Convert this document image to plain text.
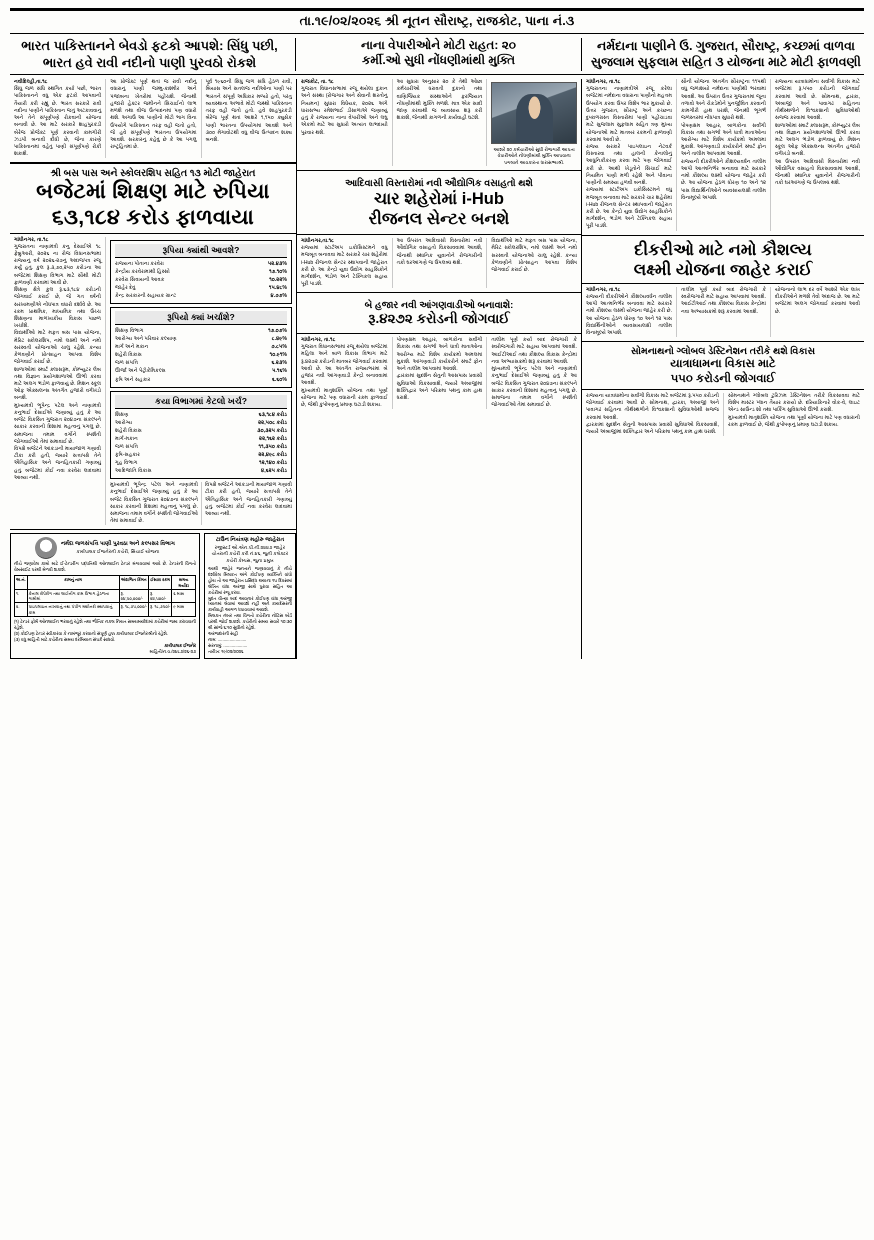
તા.૧૯/૦૨/૨૦૨૬ શ્રી નૂતન સૌરાષ્ટ્ર, રાજકોટ, પાના નં.૩
ભારત પાકિસ્તાનને બેવડો ફટકો આપશે: સિંધુ પછી,
ભારત હવે રાવી નદીનો પાણી પુરવઠો રોકશે
નાના વેપારીઓને મોટી રાહત: ૨૦
કર્મી.ઓ સુધી નોંધણીમાંથી મુક્તિ
નર્મદાના પાણીને ઉ. ગુજરાત, સૌરાષ્ટ્ર, કચ્છમાં વાળવા
સુજલામ સુફલામ સહિત ૩ યોજના માટે મોટી ફાળવણી
નવીદિલ્હી,તા.૧૮
સિંધુ જળ સંધિ સ્થગિત કર્યા પછી, ભારત પાકિસ્તાનને વધુ એક ફટકો આપવાની તૈયારી કરી રહ્યું છે. ભારત સરકારે રાવી નદીના પાણીને પાકિસ્તાન જતું અટકાવવાનું અને તેને સંપૂર્ણપણે રોકવાની યોજના બનાવી છે. આ માટે સરકારે શાહપુરકંડી બેરેજ પ્રોજેક્ટ પૂર્ણ કરવાની કામગીરી ઝડપી બનાવી દીધી છે, જેના કારણે પાકિસ્તાનમાં વહેતું પાણી સંપૂર્ણપણે રોકી શકાશે.
આ પ્રોજેક્ટ પૂર્ણ થતાં જ રાવી નદીનું વધારાનું પાણી જમ્મુ-કાશ્મીર અને પંજાબના ખેતરોમાં પહોંચશે. જેનાથી હજારો હેક્ટર જમીનને સિંચાઈનો લાભ મળશે તથા વીજ ઉત્પાદનમાં પણ વધારો થશે. અગાઉ આ પાણીનો મોટો ભાગ વિના ઉપયોગે પાકિસ્તાન તરફ વહી જતો હતો, જે હવે સંપૂર્ણપણે ભારતના ઉપયોગમાં આવશે. સરકારનું કહેવું છે કે આ પગલું રાષ્ટ્રહિતમાં છે.
પૂર્વ ૧૯૬૦ની સિંધુ જળ સંધિ હેઠળ રાવી, બિયાસ અને સતલજ નદીઓના પાણી પર ભારતને સંપૂર્ણ અધિકાર મળ્યો હતો, પરંતુ વ્યવસ્થાના અભાવે મોટો જથ્થો પાકિસ્તાન તરફ વહી જતો હતો. હવે શાહપુરકંડી બેરેજ પૂર્ણ થતાં આશરે ૧,૧૫૦ ક્યુસેક પાણી ભારતના ઉપયોગમાં આવશે અને ૩૦૦ મેગાવોટથી વધુ વીજ ઉત્પાદન શક્ય બનશે.
શ્રી બસ પાસ અને સ્કોલરશિપ સહિત ૧૩ મોટી જાહેરાત
બજેટમાં શિક્ષણ માટે રુપિયા
૬૩,૧૮૪ કરોડ ફાળવાયા
ગાંધીનગર, તા.૧૮
ગુજરાતના નાણામંત્રી કનુ દેસાઈએ ૧૮ ફેબ્રુઆરી, ૨૦૨૬ ના રોજ વિધાનસભામાં રાજ્યનું વર્ષ ૨૦૨૬-૨૭નું અંદાજપત્ર રજૂ કર્યું હતું. કુલ રૂ.૩,૭૦,૨૫૦ કરોડના આ બજેટમાં શિક્ષણ વિભાગ માટે સૌથી મોટી ફાળવણી કરવામાં આવી છે.
શિક્ષણ ક્ષેત્રે કુલ રૂ.૬૩,૧૮૪ કરોડની જોગવાઈ કરાઈ છે, જે ગત વર્ષની સરખામણીએ નોંધપાત્ર વધારો દર્શાવે છે. આ રકમ પ્રાથમિક, માધ્યમિક તથા ઉચ્ચ શિક્ષણના માળખાકીય વિકાસ પાછળ ખર્ચાશે.
વિદ્યાર્થીઓ માટે મફત બસ પાસ યોજના, મેરિટ સ્કોલરશિપ, નમો લક્ષ્મી અને નમો સરસ્વતી યોજનાઓ ચાલુ રહેશે. કન્યા કેળવણીને પ્રોત્સાહન આપવા વિશેષ જોગવાઈ કરાઈ છે.
શાળાઓમાં સ્માર્ટ ક્લાસરૂમ, કોમ્પ્યુટર લેબ તથા વિજ્ઞાન પ્રયોગશાળાઓ ઊભી કરવા માટે અલગ ભંડોળ ફાળવાયું છે. મિશન સ્કૂલ ઓફ એક્સલન્સ અંતર્ગત હજારો વર્ગખંડો બનશે.
મુખ્યમંત્રી ભૂપેન્દ્ર પટેલ અને નાણામંત્રી કનુભાઈ દેસાઈએ જણાવ્યું હતું કે આ બજેટ વિકસિત ગુજરાત ૨૦૪૭ના સંકલ્પને સાકાર કરવાની દિશામાં મહત્વનું પગલું છે. સમાજના તમામ વર્ગોને સ્પર્શતી જોગવાઈઓ તેમાં સમાવાઈ છે.
વિપક્ષે બજેટને આંકડાની માયાજાળ ગણાવી ટીકા કરી હતી, જ્યારે સત્તાપક્ષે તેને ઐતિહાસિક અને જનહિતકારી ગણાવ્યું હતું. બજેટમાં કોઈ નવા કરવેરા લાદવામાં આવ્યા નથી.
રૂપિયા ક્યાંથી આવશે?
રાજ્યના પોતાના કરવેરા	૫૨.૪૩%
કેન્દ્રીય કરવેરામાંથી હિસ્સો	૧૭.૧૦%
કરવેરા સિવાયની આવક	૧૦.૨૨%
જાહેર દેવું	૧૫.૪૮%
કેન્દ્ર સરકારની સહાયક ગ્રાન્ટ	૪.૭૭%
રૂપિયો ક્યાં ખર્ચાશે?
શિક્ષણ વિભાગ	૧૭.૦૭%
આરોગ્ય અને પરિવાર કલ્યાણ	૮.૪૯%
માર્ગ અને મકાન	૭.૮૫%
શહેરી વિકાસ	૧૦.૯૧%
જળ સંપત્તિ	૬.૨૩%
ઊર્જા અને પેટ્રોકેમિકલ્સ	૫.૧૬%
કૃષિ અને સહકાર	૬.૬૦%
કયા વિભાગમાં કેટલો ખર્ચ?
શિક્ષણ	૬૩,૧૮૪ કરોડ
આરોગ્ય	૨૨,૫૦૮ કરોડ
શહેરી વિકાસ	૩૦,૩૨૫ કરોડ
માર્ગ-મકાન	૨૨,૧૬૨ કરોડ
જળ સંપત્તિ	૧૧,૩૫૦ કરોડ
કૃષિ-સહકાર	૨૨,૪૯૮ કરોડ
ગૃહ વિભાગ	૧૨,૧૪૦ કરોડ
આદિજાતિ વિકાસ	૪,૬૨૫ કરોડ
મુખ્યમંત્રી ભૂપેન્દ્ર પટેલ અને નાણામંત્રી કનુભાઈ દેસાઈએ જણાવ્યું હતું કે આ બજેટ વિકસિત ગુજરાત ૨૦૪૭ના સંકલ્પને સાકાર કરવાની દિશામાં મહત્વનું પગલું છે. સમાજના તમામ વર્ગોને સ્પર્શતી જોગવાઈઓ તેમાં સમાવાઈ છે.
વિપક્ષે બજેટને આંકડાની માયાજાળ ગણાવી ટીકા કરી હતી, જ્યારે સત્તાપક્ષે તેને ઐતિહાસિક અને જનહિતકારી ગણાવ્યું હતું. બજેટમાં કોઈ નવા કરવેરા લાદવામાં આવ્યા નથી.
નર્મદા જળસંપત્તિ પાણી પુરવઠા અને કલ્પસર વિભાગ
કાર્યપાલક ઈજનેરની કચેરી, સિંચાઈ યોજના
નીચે જણાવેલ કામો માટે ઈ-ટેન્ડરીંગ પદ્ધતિથી ઓનલાઈન ટેન્ડર મંગાવવામાં આવે છે. ટેન્ડરની વિગતો વેબસાઈટ પરથી મેળવી શકાશે.
અ.નં.	કામનું નામ	અંદાજિત કિંમત	ઈસારા રકમ	સમય મર્યાદા
૧.	કેનાલ રીપેરીંગ તથા લાઈનીંગ કામ વિભાગ હેઠળના ગામોમાં	રૂ. ૨૪,૫૦,૦૦૦/-	રૂ. ૨૪,૫૦૦/-	૬ માસ
૨.	પાઇપલાઇન નાખવાનું તથા પંપીંગ મશીનરી સ્થાપવાનું કામ	રૂ. ૧૮,૭૫,૦૦૦/-	રૂ. ૧૮,૭૫૦/-	૯ માસ
(૧) ટેન્ડર ફોર્મ ઓનલાઈન ભરવાનું રહેશે તથા ભૌતિક નકલ નિયત સમયમર્યાદામાં કચેરીમાં જમા કરાવવાની રહેશે.
(૨) કોઈપણ ટેન્ડર સ્વીકારવા કે નામંજૂર કરવાનો સંપૂર્ણ હક્ક કાર્યપાલક ઈજનેરશ્રીનો રહેશે.
(૩) વધુ માહિતી માટે કચેરીના સમય દરમિયાન સંપર્ક સાધવો.
કાર્યપાલક ઈજનેર
માહિતી/ન.વ./૨૪૮૭/૨૬-૨૭
ટાઉન નિયંત્રણ મહોરુ જાહેરાત
રજીસ્ટર્ડ ઓ.એન.પી.નીં.૨૪૪૭ જાહેર ચોતરાની કચેરી કરી નં.૪૬, જુની કલેક્ટર કચેરી કેમ્પસ, જુના પ્રમુખ
આથી જાહેર જનતાને જણાવવાનું કે નીચે દર્શાવેલ મિલકત અંગે કોઈપણ વ્યક્તિને વાંધો હોય તો આ જાહેરાત પ્રસિદ્ધ થયાના ૧૫ દિવસમાં લેખિત વાંધા અરજી સાથે પુરાવા સહિત આ કચેરીમાં રજૂ કરવા.
મુદત વીત્યા બાદ આવનાર કોઈપણ વાંધા અરજી ધ્યાનમાં લેવામાં આવશે નહીં અને કાયદેસરની કાર્યવાહી આગળ ધપાવવામાં આવશે.
મિલકત નંબર તથા વિગતો કચેરીના નોટિસ બોર્ડ પરથી જોઈ શકાશે. કચેરીનો સમય સવારે ૧૦:૩૦ થી સાંજે ૬:૧૦ સુધીનો રહેશે.
અરજદારની સહી
નામ: ........................
સરનામું: ....................
તારીખ: ૧૯/૦૨/૨૦૨૬
રાજકોટ, તા. ૧૮
ગુજરાત વિધાનસભામાં રજૂ થયેલા દુકાન અને સંસ્થા (રોજગાર અને સેવાની શરતોનું નિયમન) સુધારા વિધેયક, ૨૦૨૬ અંગે ધારાસભ્ય રમેશભાઈ ડીસાળાએ જણાવ્યું હતું કે રાજ્યના નાના વેપારીઓ અને લઘુ એકમો માટે આ સુધારો અત્યંત લાભદાયી પુરવાર થશે.
આ સુધારા અનુસાર ૨૦ કે તેથી ઓછા કર્મચારીઓ ધરાવતી દુકાનો તથા વાણિજ્યિક સંસ્થાઓને ફરજિયાત નોંધણીમાંથી મુક્તિ મળશે. માત્ર એક સાદી જાણ કરવાથી જ વ્યવસાય શરૂ કરી શકાશે, જેનાથી કાગળની કાર્યવાહી ઘટશે.
આશરે ૨૦ કર્મચારીઓ સુધી રોજગારી આપતા વેપારીઓને નોંધણીમાંથી મુક્તિ આપવાના પગલાને આવકારતા ધારાસભ્યશ્રી.
આદિવાસી વિસ્તારોમાં નવી ઔદ્યોગિક વસાહતો થશે
ચાર શહેરોમાં i-Hub
રીજનલ સેન્ટર બનશે
ગાંધીનગર,તા.૧૮
રાજ્યમાં સ્ટાર્ટઅપ ઇકોસિસ્ટમને વધુ મજબૂત બનાવવા માટે સરકારે ચાર શહેરોમાં i-Hub રીજનલ સેન્ટર સ્થાપવાની જાહેરાત કરી છે. આ કેન્દ્રો યુવા ઉદ્યોગ સાહસિકોને માર્ગદર્શન, ભંડોળ અને ટેક્નિકલ સહાય પૂરી પાડશે.
આ ઉપરાંત આદિવાસી વિસ્તારોમાં નવી ઔદ્યોગિક વસાહતો વિકસાવવામાં આવશે, જેનાથી સ્થાનિક યુવાનોને રોજગારીની તકો ઘરઆંગણે જ ઉપલબ્ધ થશે.
વિદ્યાર્થીઓ માટે મફત બસ પાસ યોજના, મેરિટ સ્કોલરશિપ, નમો લક્ષ્મી અને નમો સરસ્વતી યોજનાઓ ચાલુ રહેશે. કન્યા કેળવણીને પ્રોત્સાહન આપવા વિશેષ જોગવાઈ કરાઈ છે.
બે હજાર નવી આંગણવાડીઓ બનાવાશે:
રૂ.૪૨૭૨ કરોડની જોગવાઈ
ગાંધીનગર, તા.૧૮
ગુજરાત વિધાનસભામાં રજૂ થયેલા બજેટમાં મહિલા અને બાળ વિકાસ વિભાગ માટે રૂ.૪૨૭૨ કરોડની માતબર જોગવાઈ કરવામાં આવી છે. આ અંતર્ગત રાજ્યભરમાં બે હજાર નવી આંગણવાડી કેન્દ્રો બનાવવામાં આવશે.
મુખ્યમંત્રી માતૃશક્તિ યોજના તથા પૂર્ણા યોજના માટે પણ વધારાની રકમ ફાળવાઈ છે, જેથી કુપોષણનું પ્રમાણ ઘટાડી શકાય.
પોષણક્ષમ આહાર, બાળકોના સર્વાંગી વિકાસ તથા સગર્ભા અને ધાત્રી માતાઓના આરોગ્ય માટે વિશેષ કાર્યક્રમો અમલમાં મુકાશે. આંગણવાડી કાર્યકરોને સ્માર્ટ ફોન અને તાલીમ આપવામાં આવશે.
દ્વારકામાં સુદર્શન સેતુની આસપાસ પ્રવાસી સુવિધાઓ વિકસાવાશે, જ્યારે અંબાજીમાં શક્તિદ્વાર અને પરિક્રમા પથનું કામ હાથ ધરાશે.
તાલીમ પૂર્ણ કર્યા બાદ રોજગારી કે સ્વરોજગારી માટે સહાય આપવામાં આવશે. આઈટીઆઈ તથા કૌશલ્ય વિકાસ કેન્દ્રોમાં નવા અભ્યાસક્રમો શરૂ કરવામાં આવશે.
મુખ્યમંત્રી ભૂપેન્દ્ર પટેલ અને નાણામંત્રી કનુભાઈ દેસાઈએ જણાવ્યું હતું કે આ બજેટ વિકસિત ગુજરાત ૨૦૪૭ના સંકલ્પને સાકાર કરવાની દિશામાં મહત્વનું પગલું છે. સમાજના તમામ વર્ગોને સ્પર્શતી જોગવાઈઓ તેમાં સમાવાઈ છે.
ગાંધીનગર, તા.૧૮
ગુજરાતના નાણામંત્રીએ રજૂ કરેલા બજેટમાં નર્મદાના વધારાના પાણીનો મહત્તમ ઉપયોગ કરવા ઉપર વિશેષ ભાર મુકાયો છે. ઉત્તર ગુજરાત, સૌરાષ્ટ્ર અને કચ્છના દુષ્કાળગ્રસ્ત વિસ્તારોમાં પાણી પહોંચાડવા માટે સુજલામ સુફલામ સહિત ત્રણ મુખ્ય યોજનાઓ માટે માતબર રકમની ફાળવણી કરવામાં આવી છે.
રાજ્ય સરકારે પાઇપલાઇન નેટવર્ક વિસ્તારવા તથા હાલની કેનાલોનું આધુનિકીકરણ કરવા માટે પણ જોગવાઈ કરી છે. આથી ખેડૂતોને સિંચાઈ માટે નિયમિત પાણી મળી રહેશે અને પીવાના પાણીની સમસ્યા હળવી બનશે.
રાજ્યમાં સ્ટાર્ટઅપ ઇકોસિસ્ટમને વધુ મજબૂત બનાવવા માટે સરકારે ચાર શહેરોમાં i-Hub રીજનલ સેન્ટર સ્થાપવાની જાહેરાત કરી છે. આ કેન્દ્રો યુવા ઉદ્યોગ સાહસિકોને માર્ગદર્શન, ભંડોળ અને ટેક્નિકલ સહાય પૂરી પાડશે.
સૌની યોજના અંતર્ગત સૌરાષ્ટ્રના ૧૧૫થી વધુ જળાશયો નર્મદાના પાણીથી ભરવામાં આવશે. આ ઉપરાંત ઉત્તર ગુજરાતમાં જૂના તળાવો અને ચેકડેમોને પુનર્જીવિત કરવાની કામગીરી હાથ ધરાશે, જેનાથી ભૂગર્ભ જળસ્તરમાં નોંધપાત્ર સુધારો થશે.
પોષણક્ષમ આહાર, બાળકોના સર્વાંગી વિકાસ તથા સગર્ભા અને ધાત્રી માતાઓના આરોગ્ય માટે વિશેષ કાર્યક્રમો અમલમાં મુકાશે. આંગણવાડી કાર્યકરોને સ્માર્ટ ફોન અને તાલીમ આપવામાં આવશે.
રાજ્યની દીકરીઓને કૌશલ્યવર્ધન તાલીમ આપી આત્મનિર્ભર બનાવવા માટે સરકારે નમો કૌશલ્ય લક્ષ્મી યોજના જાહેર કરી છે. આ યોજના હેઠળ ધોરણ ૧૦ અને ૧૨ પાસ વિદ્યાર્થિનીઓને વ્યવસાયલક્ષી તાલીમ વિનામૂલ્યે અપાશે.
રાજ્યના યાત્રાધામોના સર્વાંગી વિકાસ માટે બજેટમાં રૂ.૫૫૦ કરોડની જોગવાઈ કરવામાં આવી છે. સોમનાથ, દ્વારકા, અંબાજી અને પાવાગઢ સહિતના તીર્થસ્થળોને વિશ્વકક્ષાની સુવિધાઓથી સજ્જ કરવામાં આવશે.
શાળાઓમાં સ્માર્ટ ક્લાસરૂમ, કોમ્પ્યુટર લેબ તથા વિજ્ઞાન પ્રયોગશાળાઓ ઊભી કરવા માટે અલગ ભંડોળ ફાળવાયું છે. મિશન સ્કૂલ ઓફ એક્સલન્સ અંતર્ગત હજારો વર્ગખંડો બનશે.
આ ઉપરાંત આદિવાસી વિસ્તારોમાં નવી ઔદ્યોગિક વસાહતો વિકસાવવામાં આવશે, જેનાથી સ્થાનિક યુવાનોને રોજગારીની તકો ઘરઆંગણે જ ઉપલબ્ધ થશે.
દીકરીઓ માટે નમો કૌશલ્ય
લક્ષ્મી યોજના જાહેર કરાઈ
ગાંધીનગર, તા.૧૮
રાજ્યની દીકરીઓને કૌશલ્યવર્ધન તાલીમ આપી આત્મનિર્ભર બનાવવા માટે સરકારે નમો કૌશલ્ય લક્ષ્મી યોજના જાહેર કરી છે. આ યોજના હેઠળ ધોરણ ૧૦ અને ૧૨ પાસ વિદ્યાર્થિનીઓને વ્યવસાયલક્ષી તાલીમ વિનામૂલ્યે અપાશે.
તાલીમ પૂર્ણ કર્યા બાદ રોજગારી કે સ્વરોજગારી માટે સહાય આપવામાં આવશે. આઈટીઆઈ તથા કૌશલ્ય વિકાસ કેન્દ્રોમાં નવા અભ્યાસક્રમો શરૂ કરવામાં આવશે.
યોજનાનો લાભ દર વર્ષે આશરે એક લાખ દીકરીઓને મળશે તેવો અંદાજ છે. આ માટે બજેટમાં અલગ જોગવાઈ કરવામાં આવી છે.
સોમનાથનો ગ્લોબલ ડેસ્ટિનેશન તરીકે થશે વિકાસ
યાત્રાધામના વિકાસ માટે
૫૫૦ કરોડની જોગવાઈ
રાજ્યના યાત્રાધામોના સર્વાંગી વિકાસ માટે બજેટમાં રૂ.૫૫૦ કરોડની જોગવાઈ કરવામાં આવી છે. સોમનાથ, દ્વારકા, અંબાજી અને પાવાગઢ સહિતના તીર્થસ્થળોને વિશ્વકક્ષાની સુવિધાઓથી સજ્જ કરવામાં આવશે.
દ્વારકામાં સુદર્શન સેતુની આસપાસ પ્રવાસી સુવિધાઓ વિકસાવાશે, જ્યારે અંબાજીમાં શક્તિદ્વાર અને પરિક્રમા પથનું કામ હાથ ધરાશે.
સોમનાથને ગ્લોબલ ટુરિઝમ ડેસ્ટિનેશન તરીકે વિકસાવવા માટે વિશેષ માસ્ટર પ્લાન તૈયાર કરાયો છે. દરિયાકિનારે વોક-વે, લાઇટ એન્ડ સાઉન્ડ શો તથા પાર્કિંગ સુવિધાઓ ઊભી કરાશે.
મુખ્યમંત્રી માતૃશક્તિ યોજના તથા પૂર્ણા યોજના માટે પણ વધારાની રકમ ફાળવાઈ છે, જેથી કુપોષણનું પ્રમાણ ઘટાડી શકાય.
